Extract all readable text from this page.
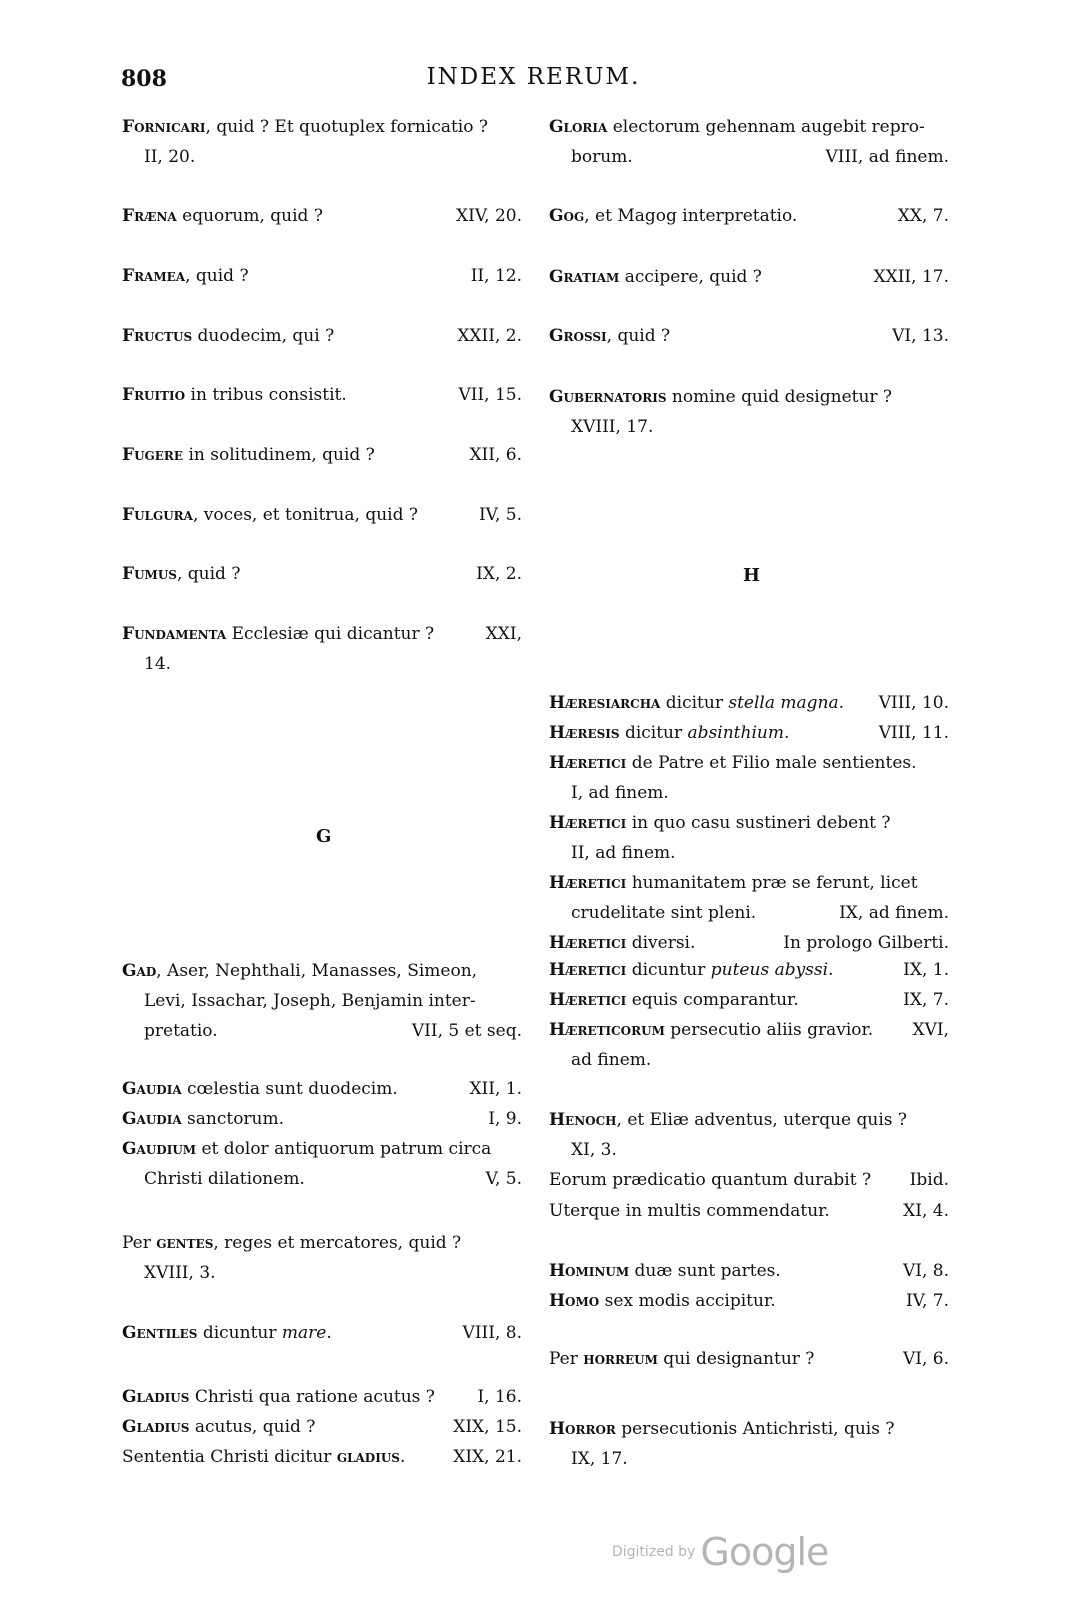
808	INDEX RERUM.
Fornicari, quid ? Et quotuplex fornicatio ?
II, 20.
XIV, 20.
Fræna equorum, quid ?
II, 12.
Framea, quid ?
XXII, 2.
Fructus duodecim, qui ?
VII, 15.
Fruitio in tribus consistit.
XII, 6.
Fugere in solitudinem, quid ?
IV, 5.
Fulgura, voces, et tonitrua, quid ?
IX, 2.
Fumus, quid ?
XXI,
Fundamenta Ecclesiæ qui dicantur ?
14.
G
Gad, Aser, Nephthali, Manasses, Simeon,
Levi, Issachar, Joseph, Benjamin inter-
VII, 5 et seq.
pretatio.
XII, 1.
Gaudia cœlestia sunt duodecim.
I, 9.
Gaudia sanctorum.
Gaudium et dolor antiquorum patrum circa
V, 5.
Christi dilationem.
Per gentes, reges et mercatores, quid ?
XVIII, 3.
VIII, 8.
Gentiles dicuntur mare.
I, 16.
Gladius Christi qua ratione acutus ?
XIX, 15.
Gladius acutus, quid ?
XIX, 21.
Sententia Christi dicitur gladius.
Gloria electorum gehennam augebit repro-
VIII, ad finem.
borum.
XX, 7.
Gog, et Magog interpretatio.
XXII, 17.
Gratiam accipere, quid ?
VI, 13.
Grossi, quid ?
Gubernatoris nomine quid designetur ?
XVIII, 17.
H
VIII, 10.
Hæresiarcha dicitur stella magna.
VIII, 11.
Hæresis dicitur absinthium.
Hæretici de Patre et Filio male sentientes.
I, ad finem.
Hæretici in quo casu sustineri debent ?
II, ad finem.
Hæretici humanitatem præ se ferunt, licet
IX, ad finem.
crudelitate sint pleni.
In prologo Gilberti.
Hæretici diversi.
IX, 1.
Hæretici dicuntur puteus abyssi.
IX, 7.
Hæretici equis comparantur.
XVI,
Hæreticorum persecutio aliis gravior.
ad finem.
Henoch, et Eliæ adventus, uterque quis ?
XI, 3.
Ibid.
Eorum prædicatio quantum durabit ?
XI, 4.
Uterque in multis commendatur.
VI, 8.
Hominum duæ sunt partes.
IV, 7.
Homo sex modis accipitur.
VI, 6.
Per horreum qui designantur ?
Horror persecutionis Antichristi, quis ?
IX, 17.
Digitized by Google
